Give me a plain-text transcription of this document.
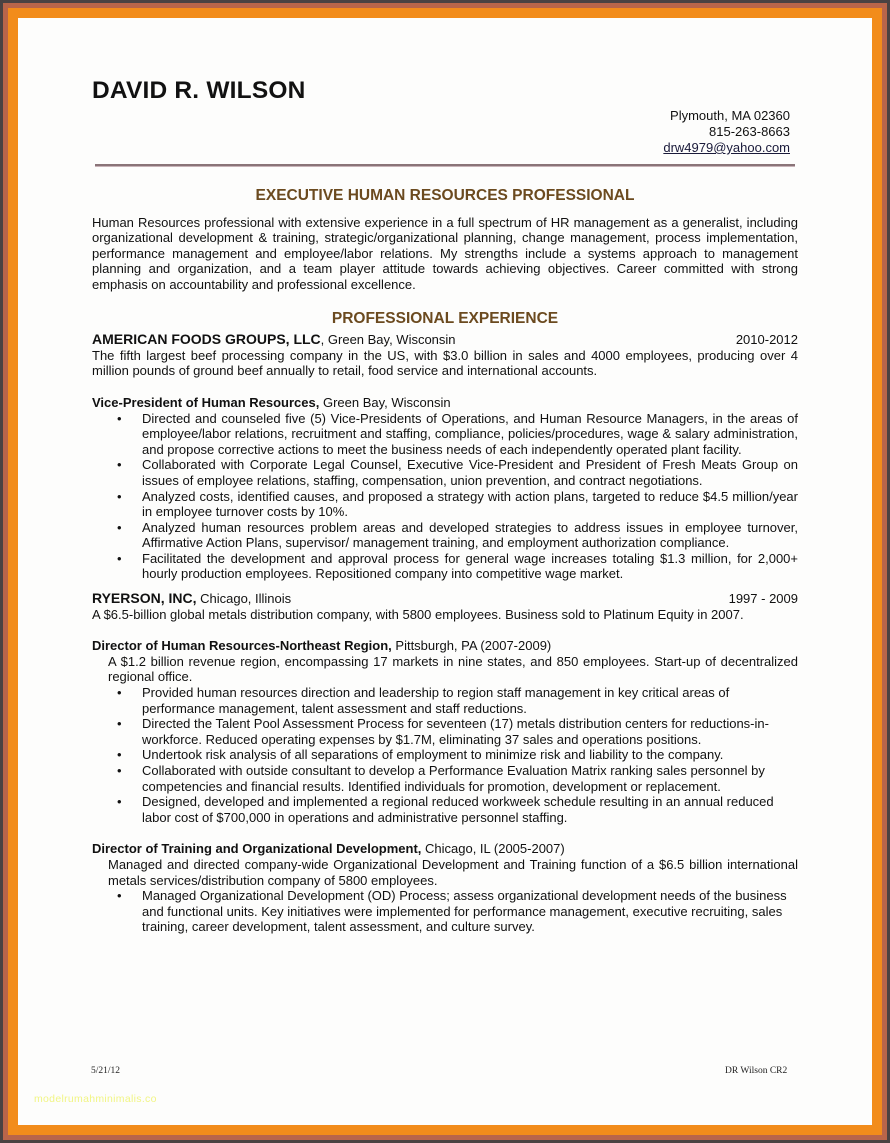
DAVID R. WILSON
Plymouth, MA 02360
815-263-8663
drw4979@yahoo.com
EXECUTIVE HUMAN RESOURCES PROFESSIONAL

Human Resources professional with extensive experience in a full spectrum of HR management as a generalist, including organizational development & training, strategic/organizational planning, change management, process implementation, performance management and employee/labor relations. My strengths include a systems approach to management planning and organization, and a team player attitude towards achieving objectives. Career committed with strong emphasis on accountability and professional excellence.

PROFESSIONAL EXPERIENCE
AMERICAN FOODS GROUPS, LLC, Green Bay, Wisconsin	2010-2012

The fifth largest beef processing company in the US, with $3.0 billion in sales and 4000 employees, producing over 4 million pounds of ground beef annually to retail, food service and international accounts.

Vice-President of Human Resources, Green Bay, Wisconsin
• Directed and counseled five (5) Vice-Presidents of Operations, and Human Resource Managers, in the areas of employee/labor relations, recruitment and staffing, compliance, policies/procedures, wage & salary administration, and propose corrective actions to meet the business needs of each independently operated plant facility.
• Collaborated with Corporate Legal Counsel, Executive Vice-President and President of Fresh Meats Group on issues of employee relations, staffing, compensation, union prevention, and contract negotiations.
• Analyzed costs, identified causes, and proposed a strategy with action plans, targeted to reduce $4.5 million/year in employee turnover costs by 10%.
• Analyzed human resources problem areas and developed strategies to address issues in employee turnover, Affirmative Action Plans, supervisor/ management training, and employment authorization compliance.
• Facilitated the development and approval process for general wage increases totaling $1.3 million, for 2,000+ hourly production employees. Repositioned company into competitive wage market.
RYERSON, INC, Chicago, Illinois	1997 - 2009

A $6.5-billion global metals distribution company, with 5800 employees. Business sold to Platinum Equity in 2007.

Director of Human Resources-Northeast Region, Pittsburgh, PA (2007-2009)

A $1.2 billion revenue region, encompassing 17 markets in nine states, and 850 employees. Start-up of decentralized regional office.

• Provided human resources direction and leadership to region staff management in key critical areas of performance management, talent assessment and staff reductions.
• Directed the Talent Pool Assessment Process for seventeen (17) metals distribution centers for reductions-in-workforce. Reduced operating expenses by $1.7M, eliminating 37 sales and operations positions.
• Undertook risk analysis of all separations of employment to minimize risk and liability to the company.
• Collaborated with outside consultant to develop a Performance Evaluation Matrix ranking sales personnel by competencies and financial results. Identified individuals for promotion, development or replacement.
• Designed, developed and implemented a regional reduced workweek schedule resulting in an annual reduced labor cost of $700,000 in operations and administrative personnel staffing.
Director of Training and Organizational Development, Chicago, IL (2005-2007)

Managed and directed company-wide Organizational Development and Training function of a $6.5 billion international metals services/distribution company of 5800 employees.

• Managed Organizational Development (OD) Process; assess organizational development needs of the business and functional units. Key initiatives were implemented for performance management, executive recruiting, sales training, career development, talent assessment, and culture survey.
5/21/12	DR Wilson CR2
modelrumahminimalis.co
